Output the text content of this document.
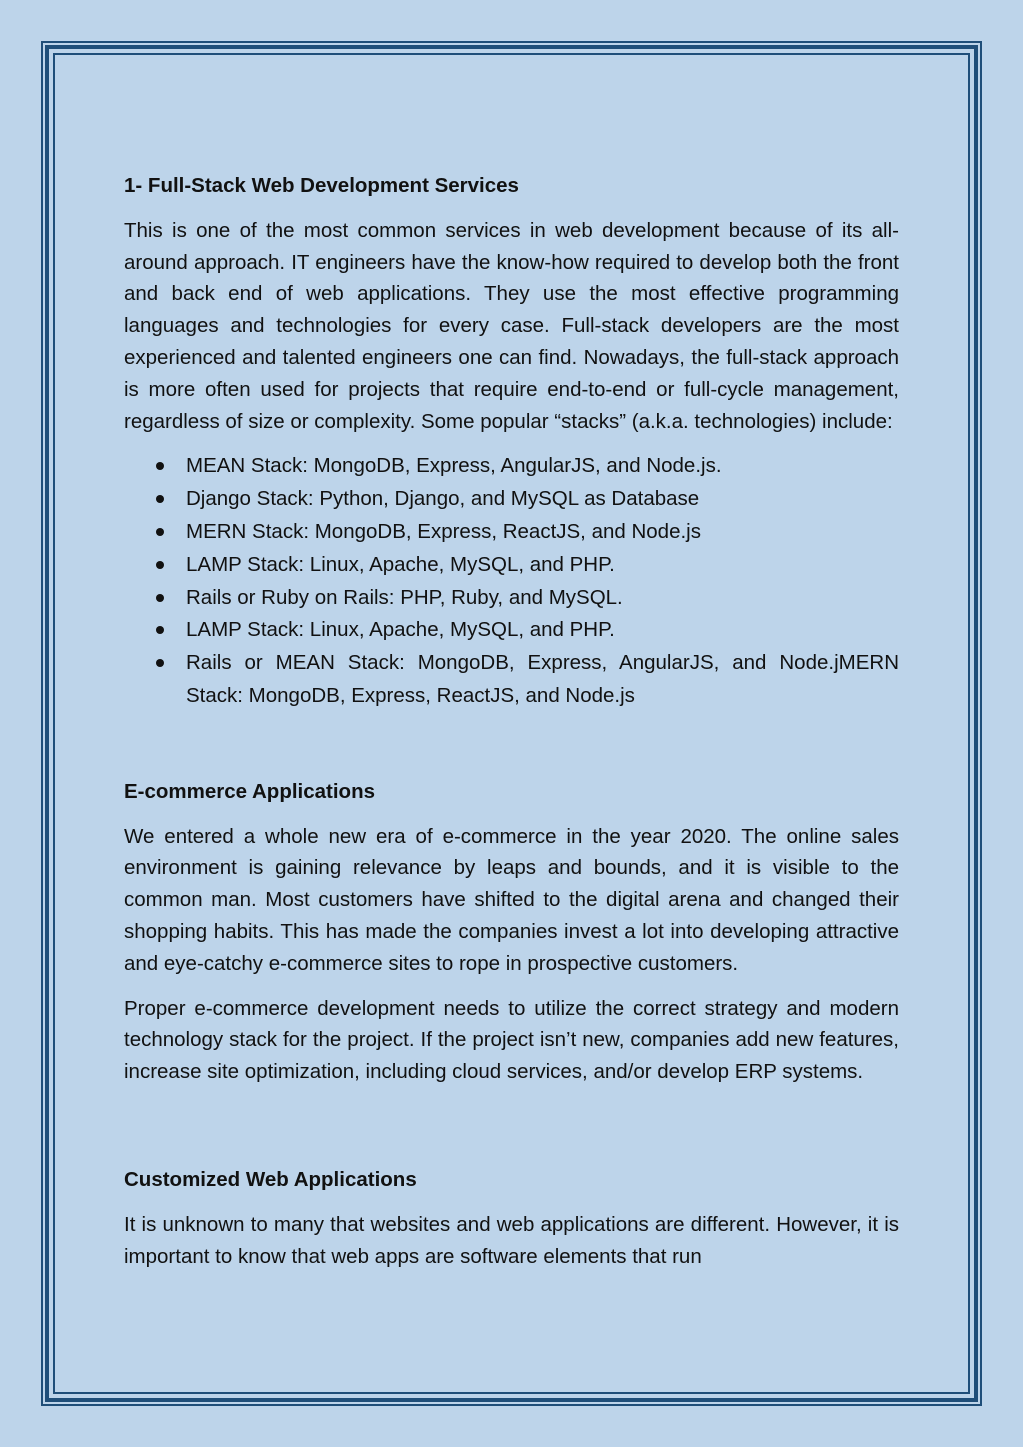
1- Full-Stack Web Development Services

This is one of the most common services in web development because of its all-around approach. IT engineers have the know-how required to develop both the front and back end of web applications. They use the most effective programming languages and technologies for every case. Full-stack developers are the most experienced and talented engineers one can find. Nowadays, the full-stack approach is more often used for projects that require end-to-end or full-cycle management, regardless of size or complexity. Some popular “stacks” (a.k.a. technologies) include:

MEAN Stack: MongoDB, Express, AngularJS, and Node.js.
Django Stack: Python, Django, and MySQL as Database
MERN Stack: MongoDB, Express, ReactJS, and Node.js
LAMP Stack: Linux, Apache, MySQL, and PHP.
Rails or Ruby on Rails: PHP, Ruby, and MySQL.
LAMP Stack: Linux, Apache, MySQL, and PHP.
Rails or MEAN Stack: MongoDB, Express, AngularJS, and Node.jMERN Stack: MongoDB, Express, ReactJS, and Node.js
E-commerce Applications

We entered a whole new era of e-commerce in the year 2020. The online sales environment is gaining relevance by leaps and bounds, and it is visible to the common man. Most customers have shifted to the digital arena and changed their shopping habits. This has made the companies invest a lot into developing attractive and eye-catchy e-commerce sites to rope in prospective customers.

Proper e-commerce development needs to utilize the correct strategy and modern technology stack for the project. If the project isn’t new, companies add new features, increase site optimization, including cloud services, and/or develop ERP systems.

Customized Web Applications

It is unknown to many that websites and web applications are different. However, it is important to know that web apps are software elements that run
